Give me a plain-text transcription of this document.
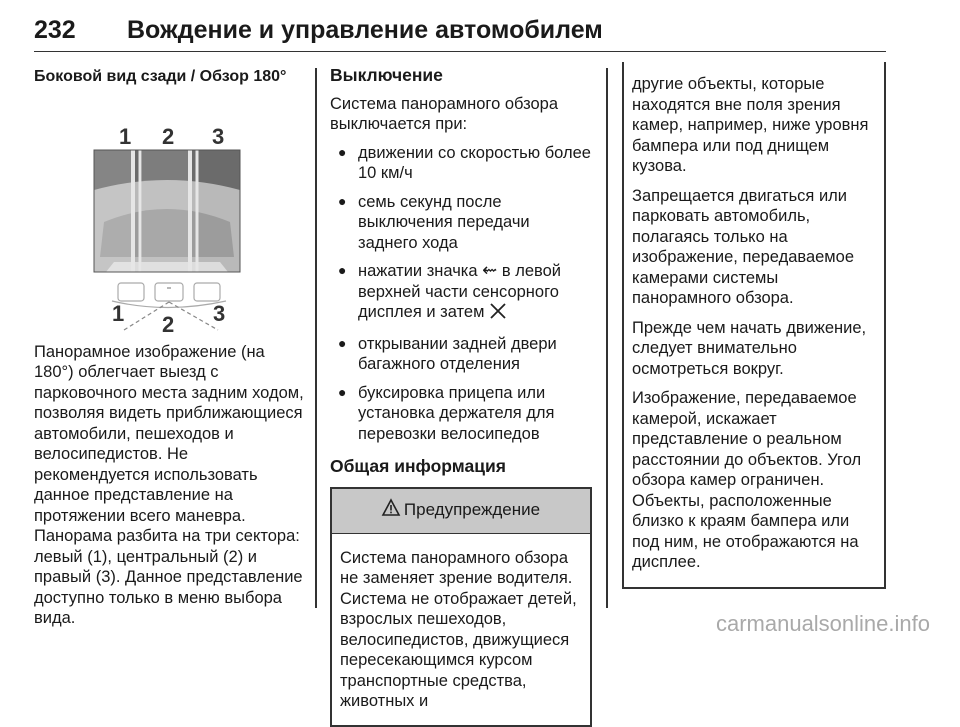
232 Вождение и управление автомобилем
Боковой вид сзади / Обзор 180°
1 2 3
1 2 3

Панорамное изображение (на 180°) облегчает выезд с парковочного места задним ходом, позволяя видеть приближающиеся автомобили, пешеходов и велосипедистов. Не рекомендуется использовать данное представление на протяжении всего маневра. Панорама разбита на три сектора: левый (1), центральный (2) и правый (3). Данное представление доступно только в меню выбора вида.

Выключение

Система панорамного обзора выключается при:

● движении со скоростью более 10 км/ч
● семь секунд после выключения передачи заднего хода
● нажатии значка ⇜ в левой верхней части сенсорного дисплея и затем
● открывании задней двери багажного отделения
● буксировка прицепа или установка держателя для перевозки велосипедов
Общая информация
Предупреждение
Система панорамного обзора не заменяет зрение водителя. Система не отображает детей, взрослых пешеходов, велосипедистов, движущиеся пересекающимся курсом транспортные средства, животных и

другие объекты, которые находятся вне поля зрения камер, например, ниже уровня бампера или под днищем кузова.

Запрещается двигаться или парковать автомобиль, полагаясь только на изображение, передаваемое камерами системы панорамного обзора.

Прежде чем начать движение, следует внимательно осмотреться вокруг.

Изображение, передаваемое камерой, искажает представление о реальном расстоянии до объектов. Угол обзора камер ограничен. Объекты, расположенные близко к краям бампера или под ним, не отображаются на дисплее.

carmanualsonline.info
